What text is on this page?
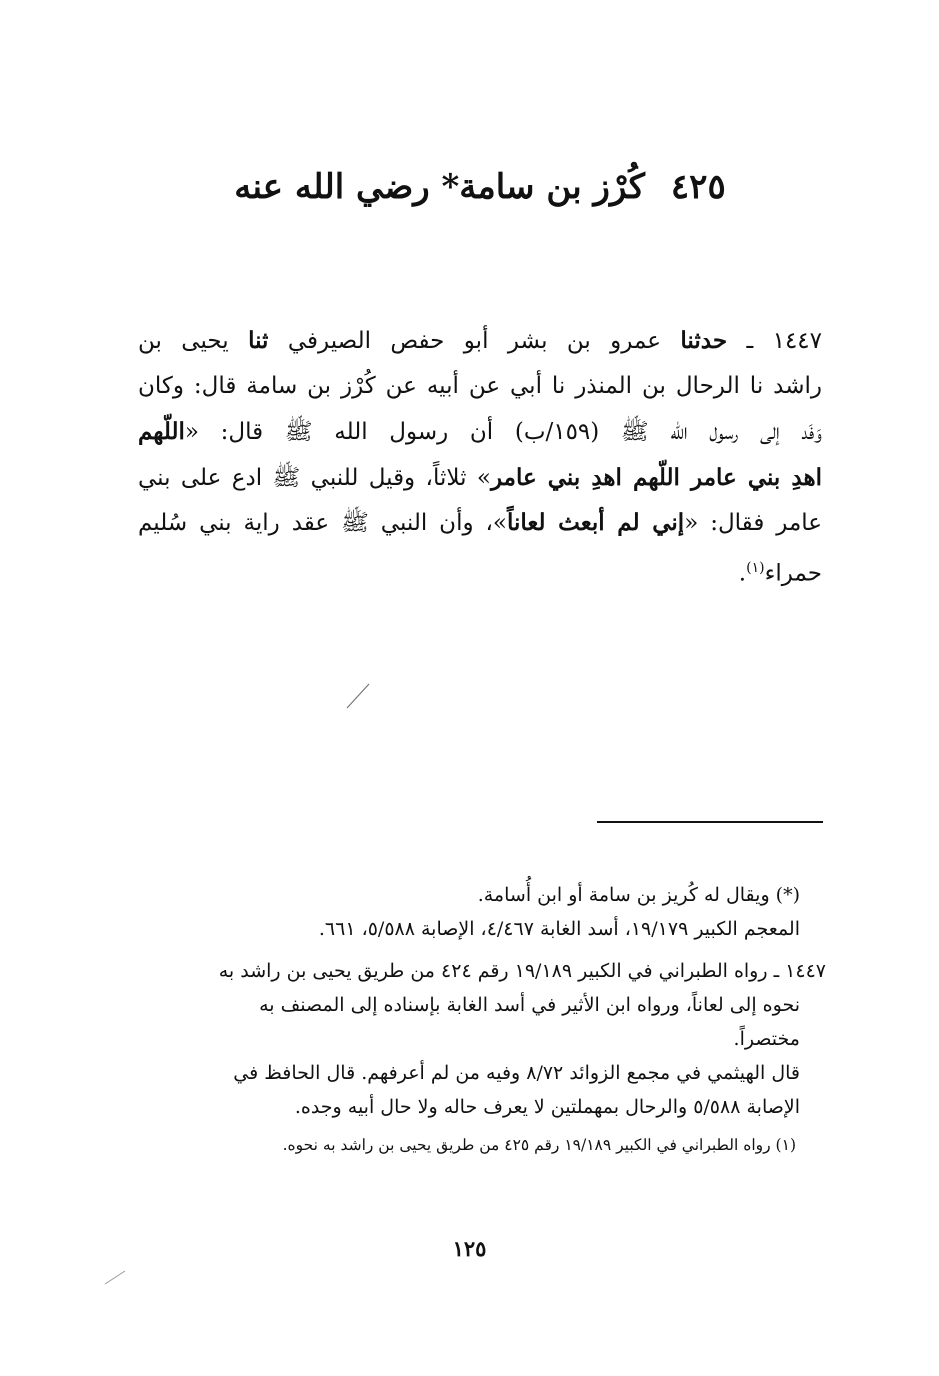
٤٢٥كُرْز بن سامة* رضي الله عنه
١٤٤٧ ـ حدثنا عمرو بن بشر أبو حفص الصيرفي ثنا يحيى بن
راشد نا الرحال بن المنذر نا أبي عن أبيه عن كُرْز بن سامة قال: وكان
وَفَد إلى رسول الله ﷺ (١٥٩/ب) أن رسول الله ﷺ قال: «اللّهم
اهدِ بني عامر اللّهم اهدِ بني عامر» ثلاثاً، وقيل للنبي ﷺ ادع على بني
عامر فقال: «إني لم أبعث لعاناً»، وأن النبي ﷺ عقد راية بني سُليم
حمراء$^{(١)}$.
(*) ويقال له كُريز بن سامة أو ابن أُسامة.
المعجم الكبير ١٩/١٧٩، أسد الغابة ٤/٤٦٧، الإصابة ٥/٥٨٨، ٦٦١.
١٤٤٧ ـ رواه الطبراني في الكبير ١٩/١٨٩ رقم ٤٢٤ من طريق يحيى بن راشد به
نحوه إلى لعاناً، ورواه ابن الأثير في أسد الغابة بإسناده إلى المصنف به
مختصراً.
قال الهيثمي في مجمع الزوائد ٨/٧٢ وفيه من لم أعرفهم. قال الحافظ في
الإصابة ٥/٥٨٨ والرحال بمهملتين لا يعرف حاله ولا حال أبيه وجده.
(١) رواه الطبراني في الكبير ١٩/١٨٩ رقم ٤٢٥ من طريق يحيى بن راشد به نحوه.
١٢٥
